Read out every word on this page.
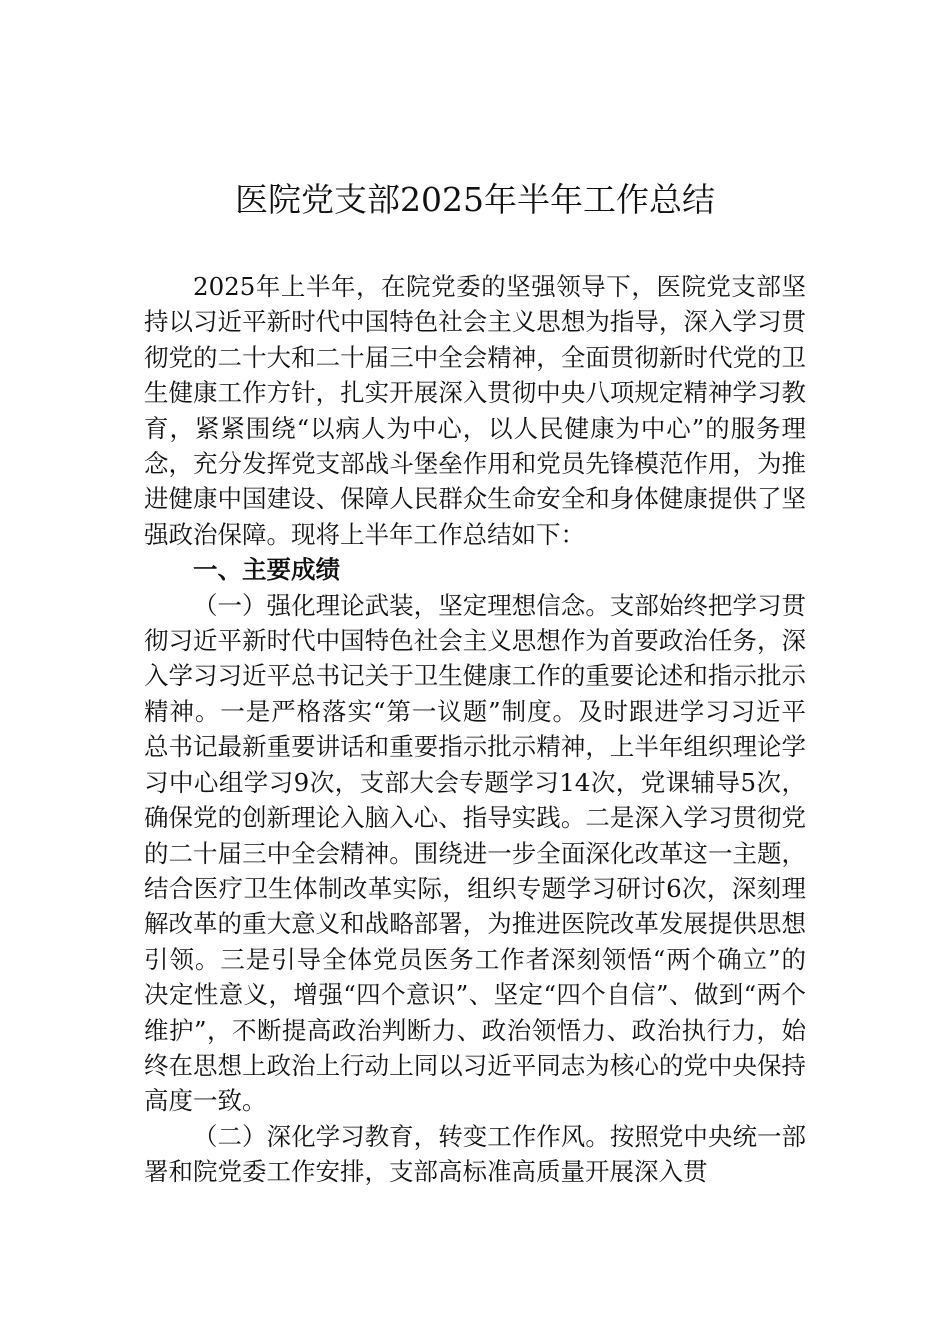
医院党支部2025年半年工作总结

2025年上半年，在院党委的坚强领导下，医院党支部坚持以习近平新时代中国特色社会主义思想为指导，深入学习贯彻党的二十大和二十届三中全会精神，全面贯彻新时代党的卫生健康工作方针，扎实开展深入贯彻中央八项规定精神学习教育，紧紧围绕“以病人为中心，以人民健康为中心”的服务理念，充分发挥党支部战斗堡垒作用和党员先锋模范作用，为推进健康中国建设、保障人民群众生命安全和身体健康提供了坚强政治保障。现将上半年工作总结如下：

一、主要成绩

（一）强化理论武装，坚定理想信念。支部始终把学习贯彻习近平新时代中国特色社会主义思想作为首要政治任务，深入学习习近平总书记关于卫生健康工作的重要论述和指示批示精神。一是严格落实“第一议题”制度。及时跟进学习习近平总书记最新重要讲话和重要指示批示精神，上半年组织理论学习中心组学习9次，支部大会专题学习14次，党课辅导5次，确保党的创新理论入脑入心、指导实践。二是深入学习贯彻党的二十届三中全会精神。围绕进一步全面深化改革这一主题，结合医疗卫生体制改革实际，组织专题学习研讨6次，深刻理解改革的重大意义和战略部署，为推进医院改革发展提供思想引领。三是引导全体党员医务工作者深刻领悟“两个确立”的决定性意义，增强“四个意识”、坚定“四个自信”、做到“两个维护”，不断提高政治判断力、政治领悟力、政治执行力，始终在思想上政治上行动上同以习近平同志为核心的党中央保持高度一致。

（二）深化学习教育，转变工作作风。按照党中央统一部署和院党委工作安排，支部高标准高质量开展深入贯
